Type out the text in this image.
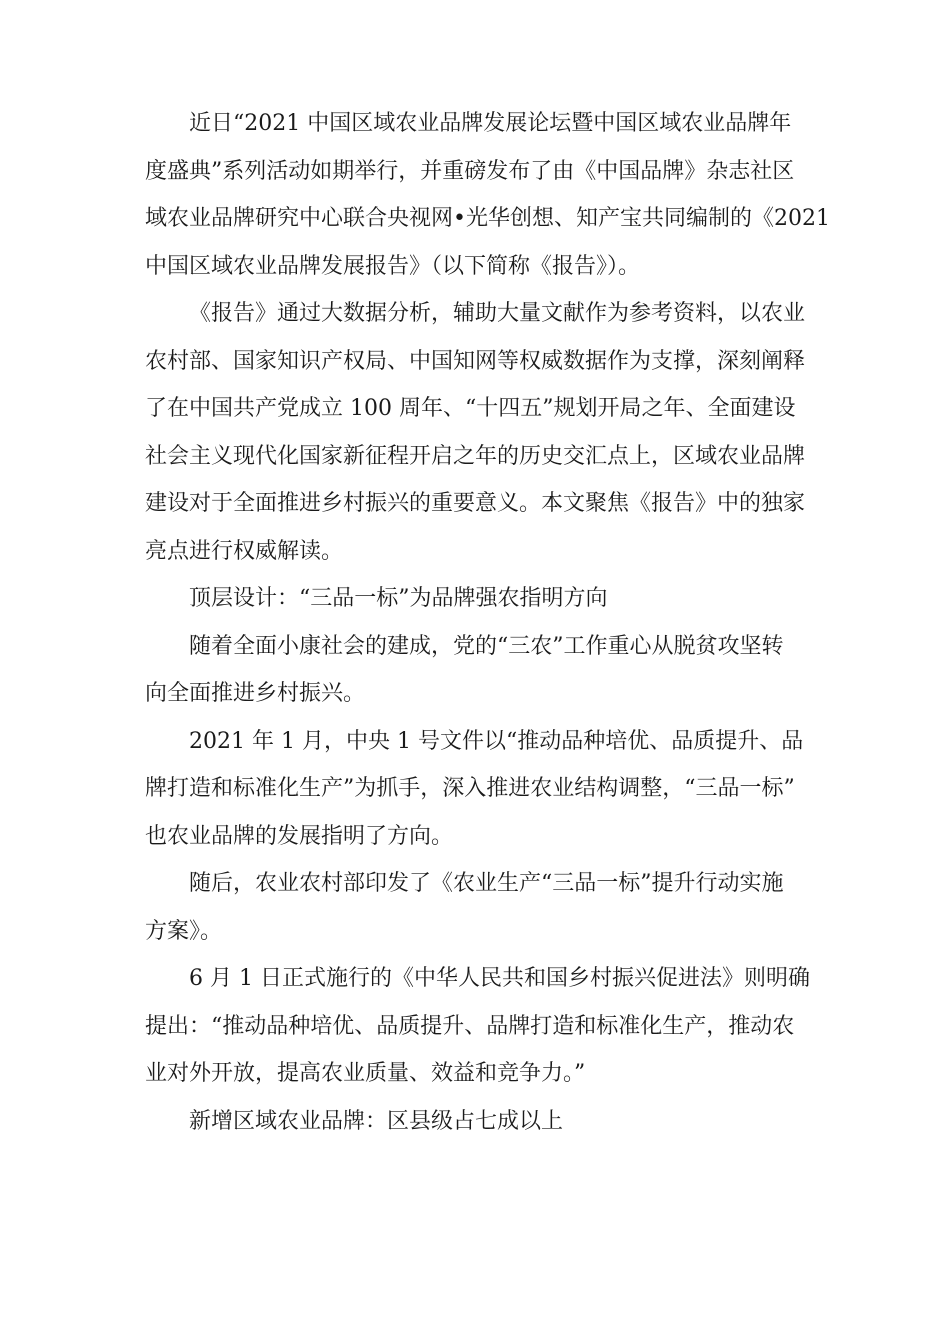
近日“2021 中国区域农业品牌发展论坛暨中国区域农业品牌年
度盛典”系列活动如期举行，并重磅发布了由《中国品牌》杂志社区
域农业品牌研究中心联合央视网•光华创想、知产宝共同编制的《2021
中国区域农业品牌发展报告》（以下简称《报告》）。
《报告》通过大数据分析，辅助大量文献作为参考资料，以农业
农村部、国家知识产权局、中国知网等权威数据作为支撑，深刻阐释
了在中国共产党成立 100 周年、“十四五”规划开局之年、全面建设
社会主义现代化国家新征程开启之年的历史交汇点上，区域农业品牌
建设对于全面推进乡村振兴的重要意义。本文聚焦《报告》中的独家
亮点进行权威解读。
顶层设计：“三品一标”为品牌强农指明方向
随着全面小康社会的建成，党的“三农”工作重心从脱贫攻坚转
向全面推进乡村振兴。
2021 年 1 月，中央 1 号文件以“推动品种培优、品质提升、品
牌打造和标准化生产”为抓手，深入推进农业结构调整，“三品一标”
也农业品牌的发展指明了方向。
随后，农业农村部印发了《农业生产“三品一标”提升行动实施
方案》。
6 月 1 日正式施行的《中华人民共和国乡村振兴促进法》则明确
提出：“推动品种培优、品质提升、品牌打造和标准化生产，推动农
业对外开放，提高农业质量、效益和竞争力。”
新增区域农业品牌：区县级占七成以上
